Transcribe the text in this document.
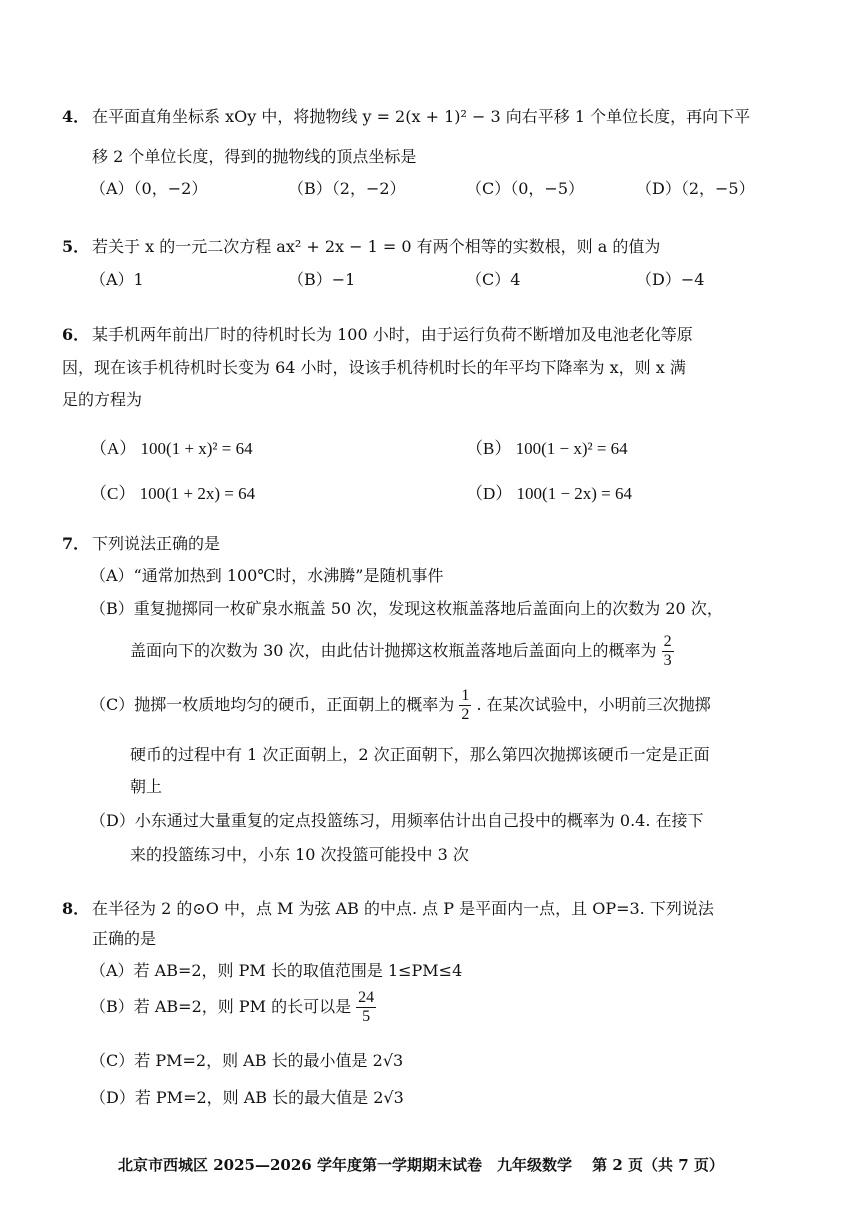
4． 在平面直角坐标系 xOy 中，将抛物线 y = 2(x + 1)² − 3 向右平移 1 个单位长度，再向下平
移 2 个单位长度，得到的抛物线的顶点坐标是
（A）（0，−2）	（B）（2，−2）	（C）（0，−5）	（D）（2，−5）
5． 若关于 x 的一元二次方程 ax² + 2x − 1 = 0 有两个相等的实数根，则 a 的值为
（A）1	（B）−1	（C）4	（D）−4
6． 某手机两年前出厂时的待机时长为 100 小时，由于运行负荷不断增加及电池老化等原
因，现在该手机待机时长变为 64 小时，设该手机待机时长的年平均下降率为 x，则 x 满
足的方程为
（A） 100(1 + x)² = 64	（B） 100(1 − x)² = 64
（C） 100(1 + 2x) = 64	（D） 100(1 − 2x) = 64
7． 下列说法正确的是
（A）“通常加热到 100℃时，水沸腾”是随机事件
（B）重复抛掷同一枚矿泉水瓶盖 50 次，发现这枚瓶盖落地后盖面向上的次数为 20 次，
盖面向下的次数为 30 次，由此估计抛掷这枚瓶盖落地后盖面向上的概率为 $\frac{2}{3}$
（C）抛掷一枚质地均匀的硬币，正面朝上的概率为 $\frac{1}{2}$ . 在某次试验中，小明前三次抛掷
硬币的过程中有 1 次正面朝上，2 次正面朝下，那么第四次抛掷该硬币一定是正面
朝上
（D）小东通过大量重复的定点投篮练习，用频率估计出自己投中的概率为 0.4. 在接下
来的投篮练习中，小东 10 次投篮可能投中 3 次
8． 在半径为 2 的⊙O 中，点 M 为弦 AB 的中点. 点 P 是平面内一点，且 OP=3. 下列说法
正确的是
（A）若 AB=2，则 PM 长的取值范围是 1≤PM≤4
（B）若 AB=2，则 PM 的长可以是 $\frac{24}{5}$
（C）若 PM=2，则 AB 长的最小值是 2√3
（D）若 PM=2，则 AB 长的最大值是 2√3
北京市西城区 2025—2026 学年度第一学期期末试卷　九年级数学　 第 2 页（共 7 页）
